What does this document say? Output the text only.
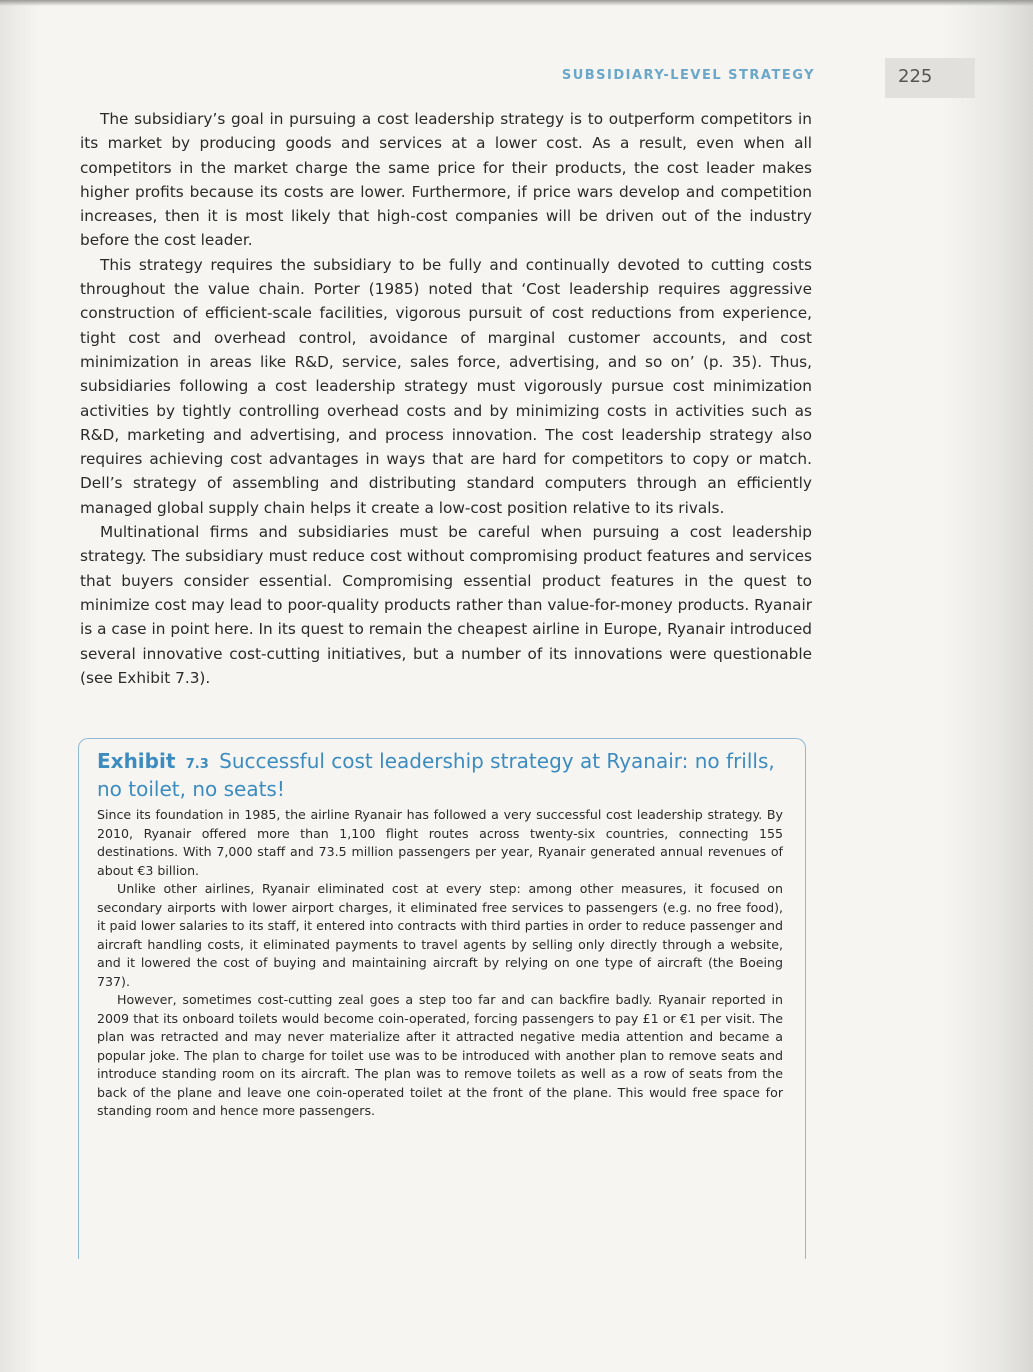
SUBSIDIARY-LEVEL STRATEGY	225

The subsidiary’s goal in pursuing a cost leadership strategy is to outperform competitors in its market by producing goods and services at a lower cost. As a result, even when all competitors in the market charge the same price for their products, the cost leader makes higher profits because its costs are lower. Furthermore, if price wars develop and competition increases, then it is most likely that high-cost companies will be driven out of the industry before the cost leader.

This strategy requires the subsidiary to be fully and continually devoted to cutting costs throughout the value chain. Porter (1985) noted that ‘Cost leadership requires aggressive construction of efficient-scale facilities, vigorous pursuit of cost reductions from experience, tight cost and overhead control, avoidance of marginal customer accounts, and cost minimization in areas like R&D, service, sales force, advertising, and so on’ (p. 35). Thus, subsidiaries following a cost leadership strategy must vigorously pursue cost minimization activities by tightly controlling overhead costs and by minimizing costs in activities such as R&D, marketing and advertising, and process innovation. The cost leadership strategy also requires achieving cost advantages in ways that are hard for competitors to copy or match. Dell’s strategy of assembling and distributing standard computers through an efficiently managed global supply chain helps it create a low-cost position relative to its rivals.

Multinational firms and subsidiaries must be careful when pursuing a cost leadership strategy. The subsidiary must reduce cost without compromising product features and services that buyers consider essential. Compromising essential product features in the quest to minimize cost may lead to poor-quality products rather than value-for-money products. Ryanair is a case in point here. In its quest to remain the cheapest airline in Europe, Ryanair introduced several innovative cost-cutting initiatives, but a number of its innovations were questionable (see Exhibit 7.3).

Exhibit 7.3 Successful cost leadership strategy at Ryanair: no frills, no toilet, no seats!

Since its foundation in 1985, the airline Ryanair has followed a very successful cost leadership strategy. By 2010, Ryanair offered more than 1,100 flight routes across twenty-six countries, connecting 155 destinations. With 7,000 staff and 73.5 million passengers per year, Ryanair generated annual revenues of about €3 billion.

Unlike other airlines, Ryanair eliminated cost at every step: among other measures, it focused on secondary airports with lower airport charges, it eliminated free services to passengers (e.g. no free food), it paid lower salaries to its staff, it entered into contracts with third parties in order to reduce passenger and aircraft handling costs, it eliminated payments to travel agents by selling only directly through a website, and it lowered the cost of buying and maintaining aircraft by relying on one type of aircraft (the Boeing 737).

However, sometimes cost-cutting zeal goes a step too far and can backfire badly. Ryanair reported in 2009 that its onboard toilets would become coin-operated, forcing passengers to pay £1 or €1 per visit. The plan was retracted and may never materialize after it attracted negative media attention and became a popular joke. The plan to charge for toilet use was to be introduced with another plan to remove seats and introduce standing room on its aircraft. The plan was to remove toilets as well as a row of seats from the back of the plane and leave one coin-operated toilet at the front of the plane. This would free space for standing room and hence more passengers.
